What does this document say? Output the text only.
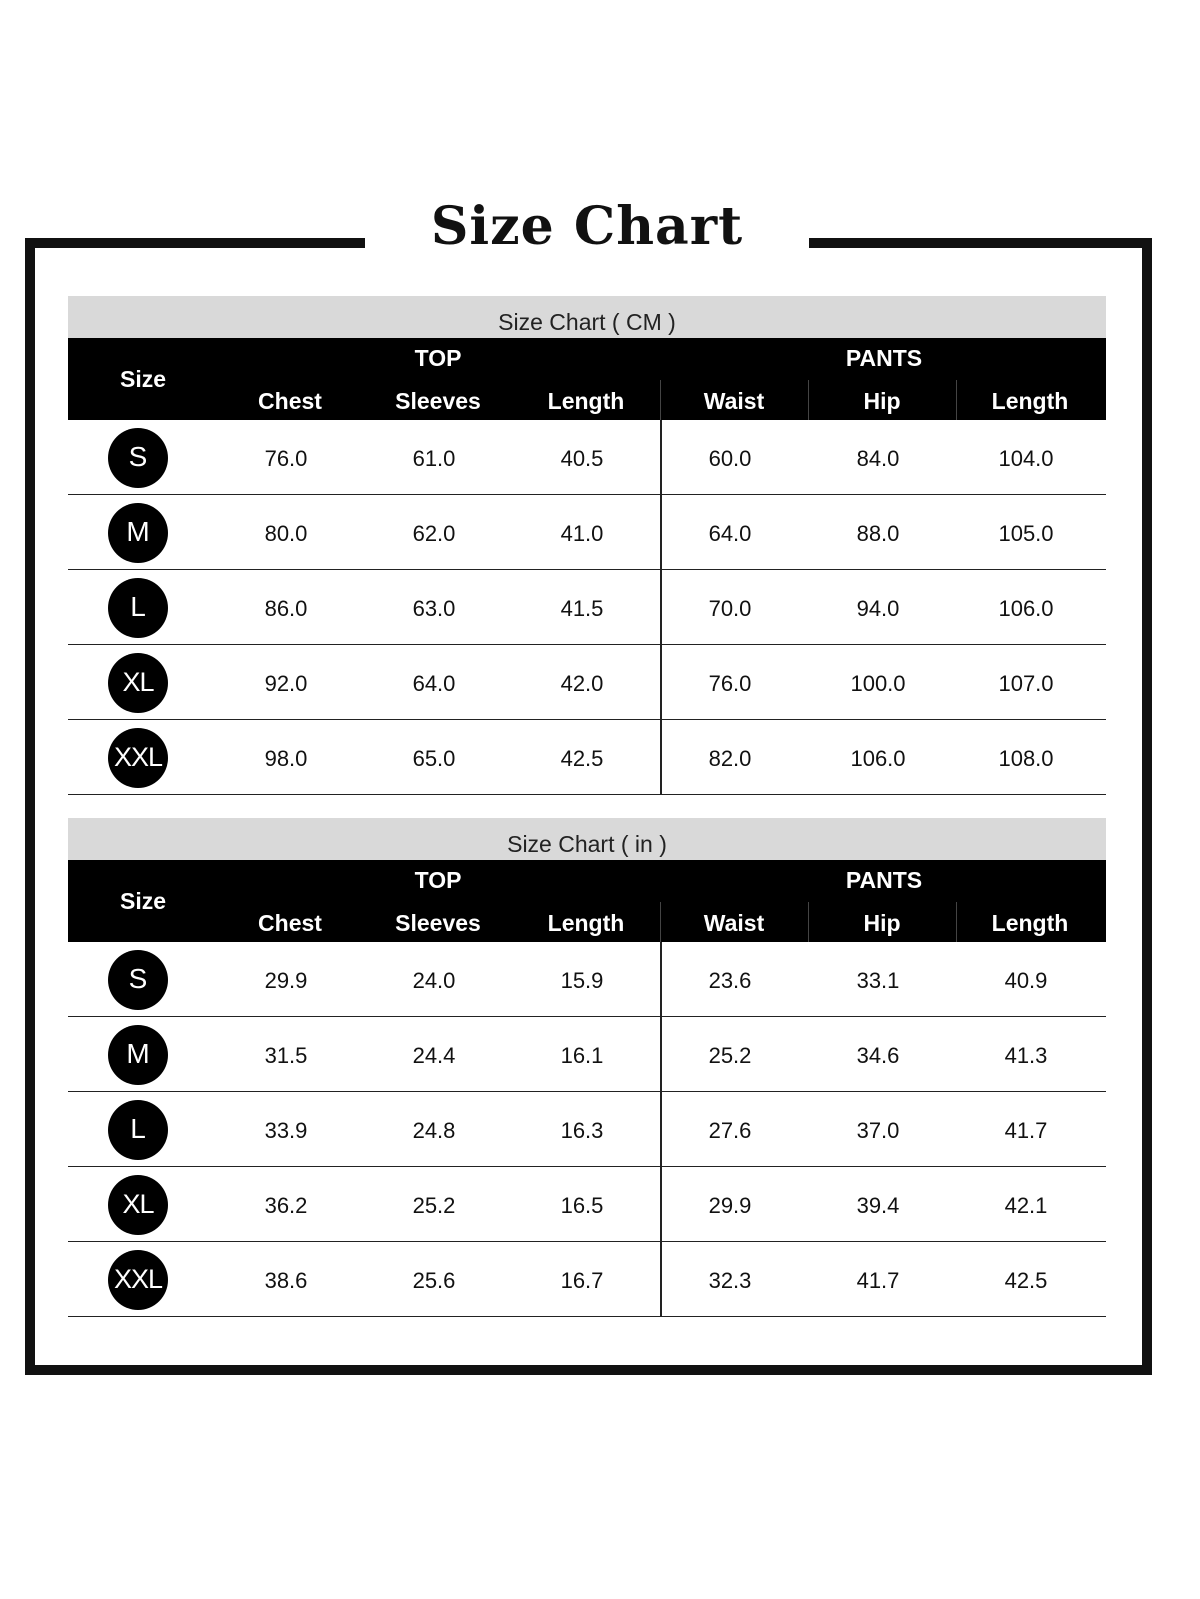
Size Chart
Size Chart ( CM )
Size
TOP	PANTS
Chest	Sleeves	Length	Waist	Hip	Length
S	76.0	61.0	40.5	60.0	84.0	104.0
M	80.0	62.0	41.0	64.0	88.0	105.0
L	86.0	63.0	41.5	70.0	94.0	106.0
XL	92.0	64.0	42.0	76.0	100.0	107.0
XXL	98.0	65.0	42.5	82.0	106.0	108.0
Size Chart ( in )
Size
TOP	PANTS
Chest	Sleeves	Length	Waist	Hip	Length
S	29.9	24.0	15.9	23.6	33.1	40.9
M	31.5	24.4	16.1	25.2	34.6	41.3
L	33.9	24.8	16.3	27.6	37.0	41.7
XL	36.2	25.2	16.5	29.9	39.4	42.1
XXL	38.6	25.6	16.7	32.3	41.7	42.5
